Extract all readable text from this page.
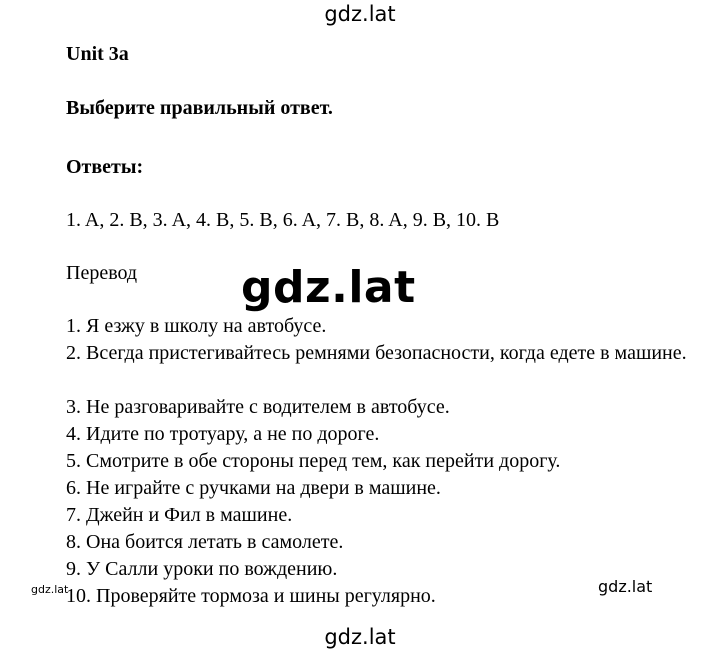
gdz.lat
Unit 3a
Выберите правильный ответ.
Ответы:
1. A, 2. B, 3. A, 4. B, 5. B, 6. A, 7. B, 8. A, 9. B, 10. B
Перевод gdz.lat
1. Я езжу в школу на автобусе.
2. Всегда пристегивайтесь ремнями безопасности, когда едете в машине.
3. Не разговаривайте с водителем в автобусе.
4. Идите по тротуару, а не по дороге.
5. Смотрите в обе стороны перед тем, как перейти дорогу.
6. Не играйте с ручками на двери в машине.
7. Джейн и Фил в машине.
8. Она боится летать в самолете.
9. У Салли уроки по вождению.
10. Проверяйте тормоза и шины регулярно.
gdz.lat	gdz.lat
gdz.lat
